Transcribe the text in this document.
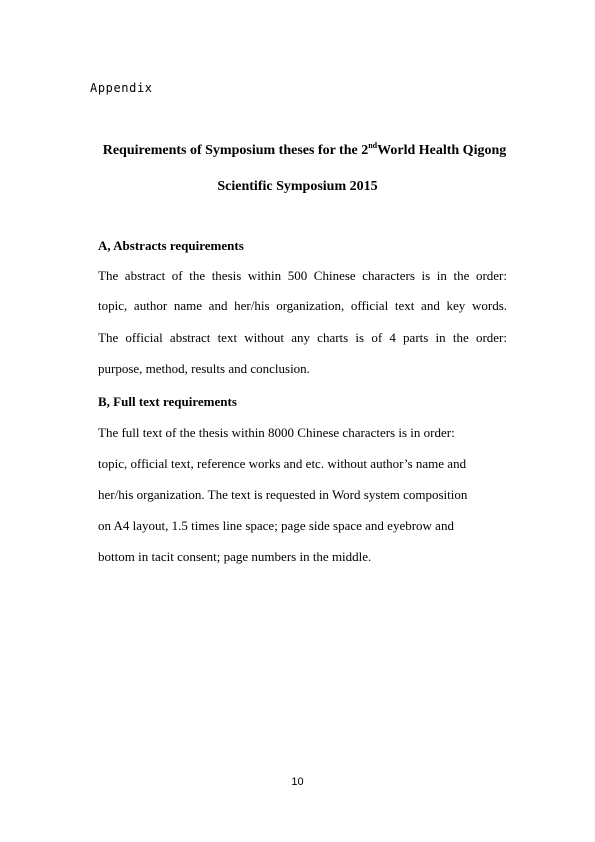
Appendix
Requirements of Symposium theses for the 2ndWorld Health Qigong
Scientific Symposium 2015
A, Abstracts requirements
The abstract of the thesis within 500 Chinese characters is in the order:
topic, author name and her/his organization, official text and key words.
The official abstract text without any charts is of 4 parts in the order:
purpose, method, results and conclusion.
B, Full text requirements
The full text of the thesis within 8000 Chinese characters is in order:
topic, official text, reference works and etc. without author’s name and
her/his organization. The text is requested in Word system composition
on A4 layout, 1.5 times line space; page side space and eyebrow and
bottom in tacit consent; page numbers in the middle.
10
